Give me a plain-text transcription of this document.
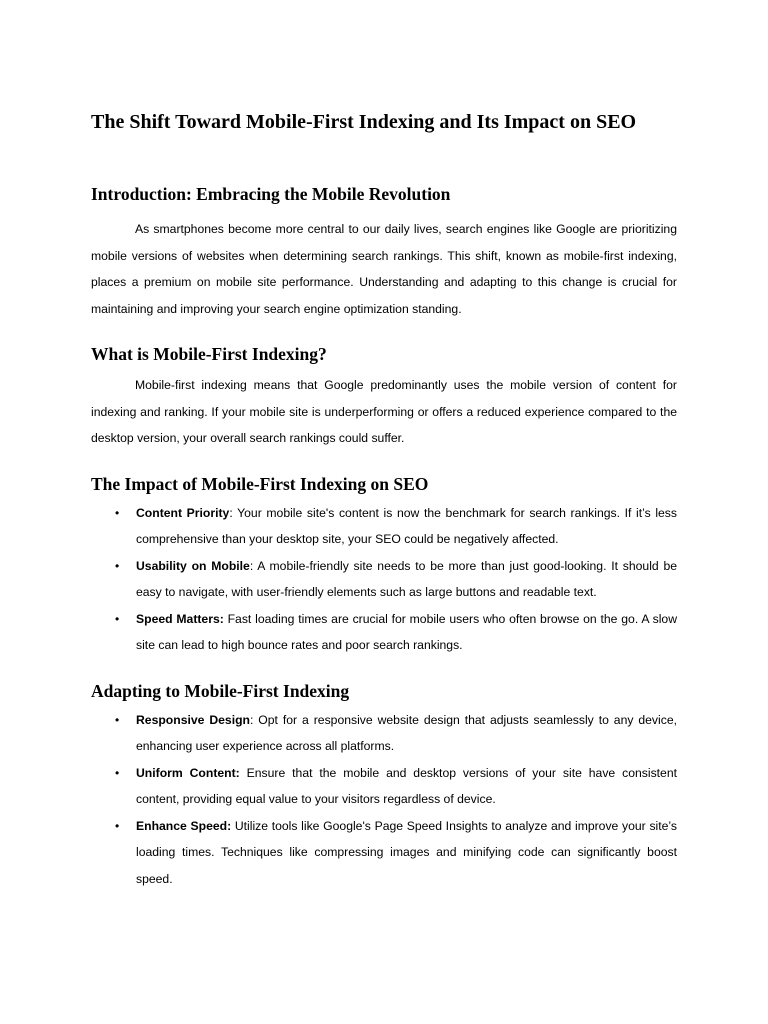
The Shift Toward Mobile-First Indexing and Its Impact on SEO
Introduction: Embracing the Mobile Revolution

As smartphones become more central to our daily lives, search engines like Google are prioritizing mobile versions of websites when determining search rankings. This shift, known as mobile-first indexing, places a premium on mobile site performance. Understanding and adapting to this change is crucial for maintaining and improving your search engine optimization standing.

What is Mobile-First Indexing?

Mobile-first indexing means that Google predominantly uses the mobile version of content for indexing and ranking. If your mobile site is underperforming or offers a reduced experience compared to the desktop version, your overall search rankings could suffer.

The Impact of Mobile-First Indexing on SEO
• Content Priority: Your mobile site's content is now the benchmark for search rankings. If it’s less comprehensive than your desktop site, your SEO could be negatively affected.
• Usability on Mobile: A mobile-friendly site needs to be more than just good-looking. It should be easy to navigate, with user-friendly elements such as large buttons and readable text.
• Speed Matters: Fast loading times are crucial for mobile users who often browse on the go. A slow site can lead to high bounce rates and poor search rankings.
Adapting to Mobile-First Indexing
• Responsive Design: Opt for a responsive website design that adjusts seamlessly to any device, enhancing user experience across all platforms.
• Uniform Content: Ensure that the mobile and desktop versions of your site have consistent content, providing equal value to your visitors regardless of device.
• Enhance Speed: Utilize tools like Google's Page Speed Insights to analyze and improve your site’s loading times. Techniques like compressing images and minifying code can significantly boost speed.
